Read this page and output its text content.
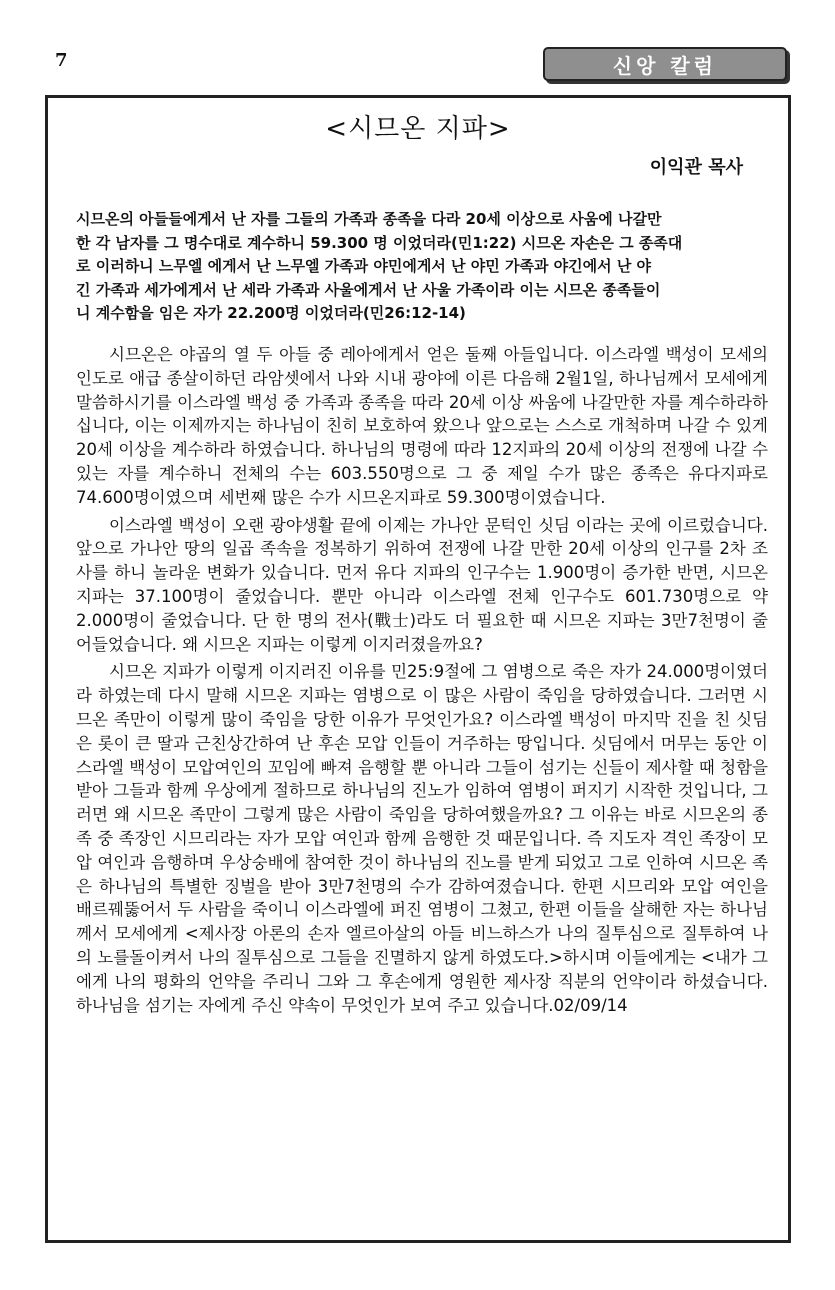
7	신앙 칼럼
<시므온 지파>
이익관 목사

시므온의 아들들에게서 난 자를 그들의 가족과 종족을 다라 20세 이상으로 사움에 나갈만

한 각 남자를 그 명수대로 계수하니 59.300 명 이었더라(민1:22) 시므온 자손은 그 종족대

로 이러하니 느무엘 에게서 난 느무엘 가족과 야민에게서 난 야민 가족과 야긴에서 난 야

긴 가족과 세가에게서 난 세라 가족과 사울에게서 난 사울 가족이라 이는 시므온 종족들이

니 계수함을 임은 자가 22.200명 이었더라(민26:12-14)

시므온은 야곱의 열 두 아들 중 레아에게서 얻은 둘째 아들입니다. 이스라엘 백성이 모세의 인도로 애급 종살이하던 라암셋에서 나와 시내 광야에 이른 다음해 2월1일, 하나님께서 모세에게 말씀하시기를 이스라엘 백성 중 가족과 종족을 따라 20세 이상 싸움에 나갈만한 자를 계수하라하십니다, 이는 이제까지는 하나님이 친히 보호하여 왔으나 앞으로는 스스로 개척하며 나갈 수 있게 20세 이상을 계수하라 하였습니다. 하나님의 명령에 따라 12지파의 20세 이상의 전쟁에 나갈 수 있는 자를 계수하니 전체의 수는 603.550명으로 그 중 제일 수가 많은 종족은 유다지파로 74.600명이였으며 세번째 많은 수가 시므온지파로 59.300명이였습니다.

이스라엘 백성이 오랜 광야생활 끝에 이제는 가나안 문턱인 싯딤 이라는 곳에 이르렀습니다. 앞으로 가나안 땅의 일곱 족속을 정복하기 위하여 전쟁에 나갈 만한 20세 이상의 인구를 2차 조사를 하니 놀라운 변화가 있습니다. 먼저 유다 지파의 인구수는 1.900명이 증가한 반면, 시므온지파는 37.100명이 줄었습니다. 뿐만 아니라 이스라엘 전체 인구수도 601.730명으로 약 2.000명이 줄었습니다. 단 한 명의 전사(戰士)라도 더 필요한 때 시므온 지파는 3만7천명이 줄어들었습니다. 왜 시므온 지파는 이렇게 이지러졌을까요?

시므온 지파가 이렇게 이지러진 이유를 민25:9절에 그 염병으로 죽은 자가 24.000명이였더라 하였는데 다시 말해 시므온 지파는 염병으로 이 많은 사람이 죽임을 당하였습니다. 그러면 시므온 족만이 이렇게 많이 죽임을 당한 이유가 무엇인가요? 이스라엘 백성이 마지막 진을 친 싯딤은 롯이 큰 딸과 근친상간하여 난 후손 모압 인들이 거주하는 땅입니다. 싯딤에서 머무는 동안 이스라엘 백성이 모압여인의 꼬임에 빠져 음행할 뿐 아니라 그들이 섬기는 신들이 제사할 때 청함을 받아 그들과 함께 우상에게 절하므로 하나님의 진노가 임하여 염병이 퍼지기 시작한 것입니다, 그러면 왜 시므온 족만이 그렇게 많은 사람이 죽임을 당하여했을까요? 그 이유는 바로 시므온의 종족 중 족장인 시므리라는 자가 모압 여인과 함께 음행한 것 때문입니다. 즉 지도자 격인 족장이 모압 여인과 음행하며 우상숭배에 참여한 것이 하나님의 진노를 받게 되었고 그로 인하여 시므온 족은 하나님의 특별한 징벌을 받아 3만7천명의 수가 감하여졌습니다. 한편 시므리와 모압 여인을 배르꿰뚫어서 두 사람을 죽이니 이스라엘에 퍼진 염병이 그쳤고, 한편 이들을 살해한 자는 하나님께서 모세에게 <제사장 아론의 손자 엘르아살의 아들 비느하스가 나의 질투심으로 질투하여 나의 노를돌이켜서 나의 질투심으로 그들을 진멸하지 않게 하였도다.>하시며 이들에게는 <내가 그에게 나의 평화의 언약을 주리니 그와 그 후손에게 영원한 제사장 직분의 언약이라 하셨습니다. 하나님을 섬기는 자에게 주신 약속이 무엇인가 보여 주고 있습니다.02/09/14
